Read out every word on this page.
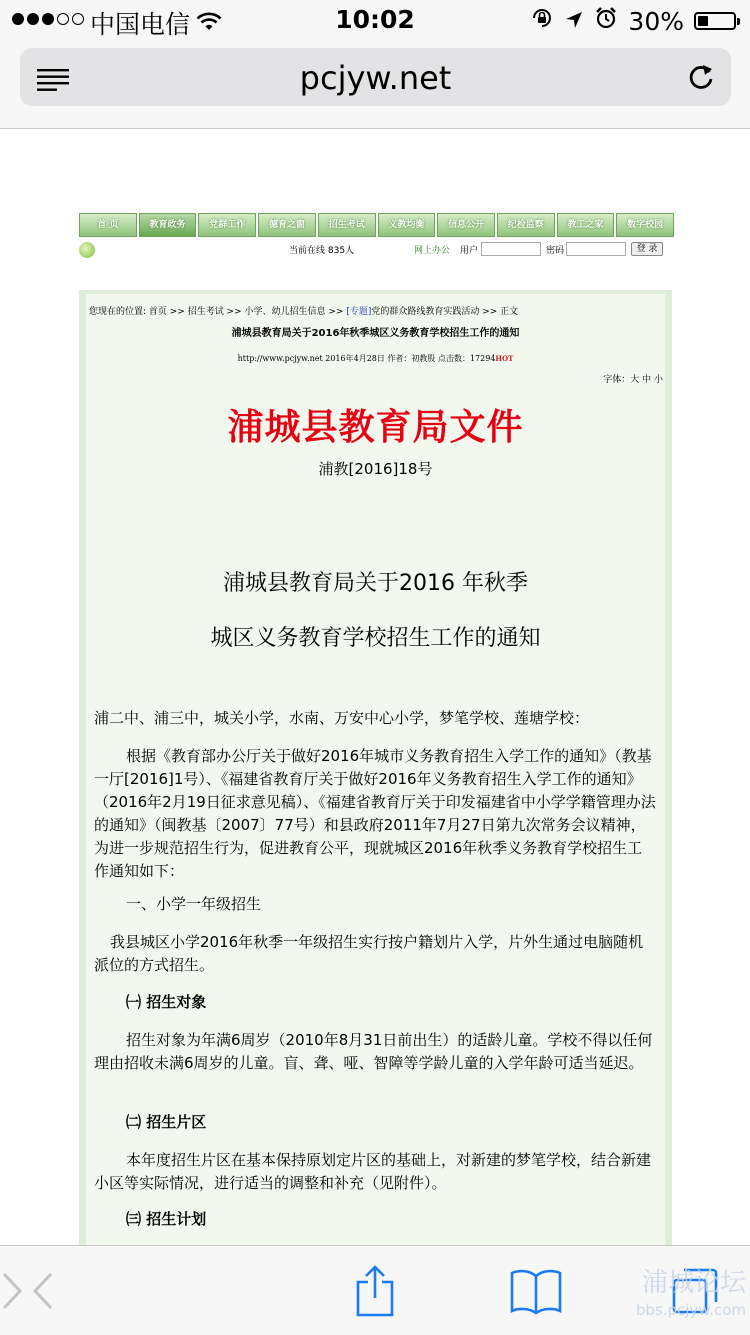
中国电信	10:02	30%
pcjyw.net
首 页	教育政务	党群工作	德育之窗	招生考试	义教均衡	信息公开	纪检监察	教工之家	数字校园
当前在线 835人	网上办公 用户	密码	登 录
您现在的位置: 首页 >> 招生考试 >> 小学、幼儿招生信息 >> [专题]党的群众路线教育实践活动 >> 正文
浦城县教育局关于2016年秋季城区义务教育学校招生工作的通知
http://www.pcjyw.net 2016年4月28日 作者：初教股 点击数：17294HOT
字体：大 中 小
浦城县教育局文件
浦教[2016]18号
浦城县教育局关于2016 年秋季
城区义务教育学校招生工作的通知
浦二中、浦三中，城关小学，水南、万安中心小学，梦笔学校、莲塘学校：
根据《教育部办公厅关于做好2016年城市义务教育招生入学工作的通知》（教基一厅[2016]1号）、《福建省教育厅关于做好2016年义务教育招生入学工作的通知》（2016年2月19日征求意见稿）、《福建省教育厅关于印发福建省中小学学籍管理办法的通知》（闽教基〔2007〕77号）和县政府2011年7月27日第九次常务会议精神，为进一步规范招生行为，促进教育公平，现就城区2016年秋季义务教育学校招生工作通知如下：
一、小学一年级招生
我县城区小学2016年秋季一年级招生实行按户籍划片入学，片外生通过电脑随机派位的方式招生。
㈠ 招生对象
招生对象为年满6周岁（2010年8月31日前出生）的适龄儿童。学校不得以任何理由招收未满6周岁的儿童。盲、聋、哑、智障等学龄儿童的入学年龄可适当延迟。
㈡ 招生片区
本年度招生片区在基本保持原划定片区的基础上，对新建的梦笔学校，结合新建小区等实际情况，进行适当的调整和补充（见附件）。
㈢ 招生计划
浦城论坛
bbs.pcjyw.com
